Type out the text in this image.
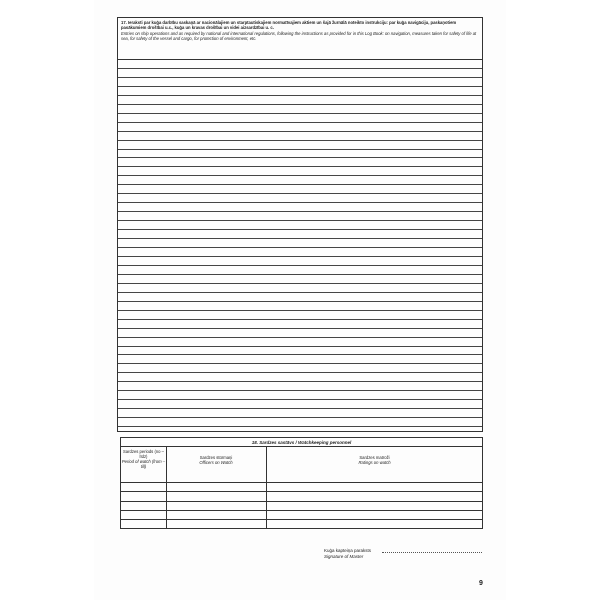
17. Ieraksti par kuģa darbību saskaņā ar nacionālajiem un starptautiskajiem normatīvajiem aktiem un šajā žurnālā noteikto instrukciju: par kuģa navigāciju, paskaņotiem pasākumiem drošībai u.c., kuģa un kravas drošībai un videi aizsardzībai u. c.
Entries on ship operations and as required by national and international regulations, following the instructions as provided for in this Log Book: on navigation, measures taken for safety of life at sea, for safety of the vessel and cargo, for protection of environment, etc.
18. Sardzes sastāvs / Watchkeeping personnel
Sardzes periods (no – līdz)
Period of watch (from – till)
Sardzes stūrmaņi
Officers on Watch
Sardzes matroži
Ratings on watch
Kuģa kapteiņa paraksts
Signature of Master
9
